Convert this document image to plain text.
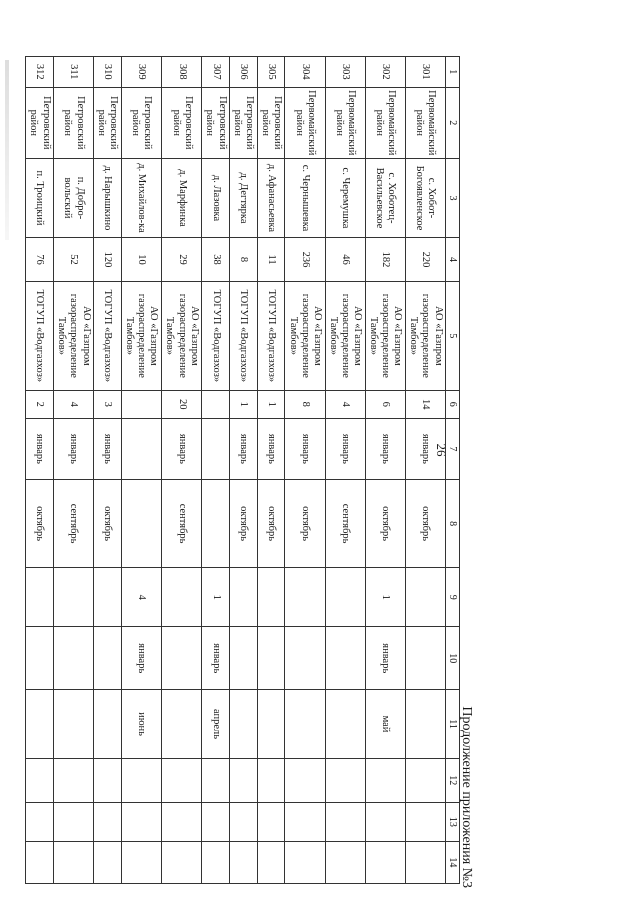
26
Продолжение приложения №3
1	2	3	4	5	6	7	8	9	10	11	12	13	14
301	Первомайский район	с. Хобот-Богоявленское	220	АО «Газпром газораспределение Тамбов»	14	январь	октябрь						
302	Первомайский район	с. Хоботец-Васильевское	182	АО «Газпром газораспределение Тамбов»	6	январь	октябрь	1	январь	май			
303	Первомайский район	с. Черемушка	46	АО «Газпром газораспределение Тамбов»	4	январь	сентябрь						
304	Первомайский район	с. Чернышевка	236	АО «Газпром газораспределение Тамбов»	8	январь	октябрь						
305	Петровский район	д. Афанасьевка	11	ТОГУП «Водгазхоз»	1	январь	октябрь						
306	Петровский район	д. Дегтярка	8	ТОГУП «Водгазхоз»	1	январь	октябрь						
307	Петровский район	д. Лазовка	38	ТОГУП «Водгазхоз»				1	январь	апрель			
308	Петровский район	д. Марфинка	29	АО «Газпром газораспределение Тамбов»	20	январь	сентябрь						
309	Петровский район	д. Михайлов-ка	10	АО «Газпром газораспределение Тамбов»				4	январь	июнь			
310	Петровский район	д. Нарышкино	120	ТОГУП «Водгазхоз»	3	январь	октябрь						
311	Петровский район	п. Добро-вольский	52	АО «Газпром газораспределение Тамбов»	4	январь	сентябрь						
312	Петровский район	п. Троицкий	76	ТОГУП «Водгазхоз»	2	январь	октябрь						
